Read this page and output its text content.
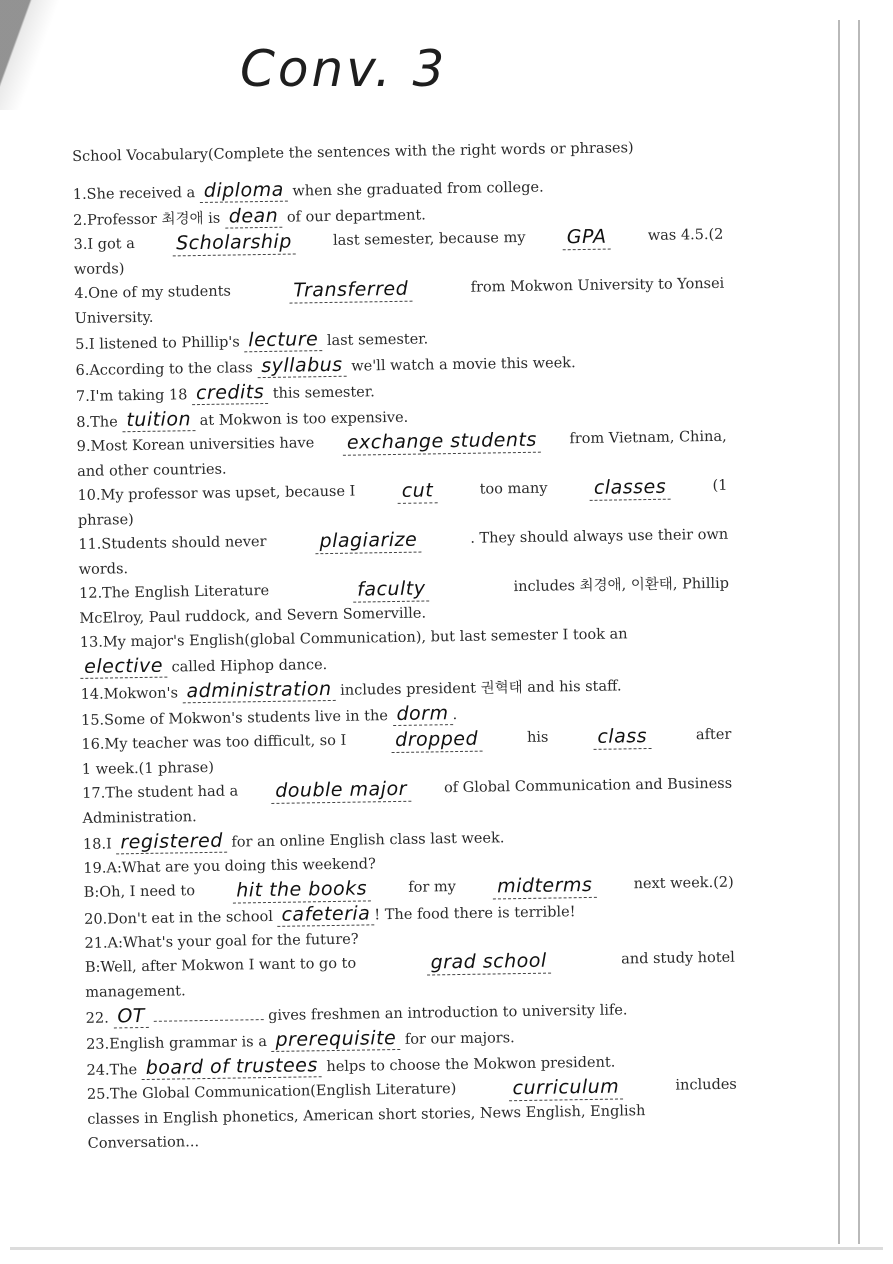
Conv. 3
School Vocabulary(Complete the sentences with the right words or phrases)
1.She received a diploma when she graduated from college.
2.Professor 최경애 is dean of our department.
3.I got a Scholarship	last semester, because my GPA	was 4.5.(2
words)
4.One of my students	Transferred	from Mokwon University to Yonsei
University.
5.I listened to Phillip's lecture last semester.
6.According to the class syllabus we'll watch a movie this week.
7.I'm taking 18 credits this semester.
8.The tuition at Mokwon is too expensive.
9.Most Korean universities have exchange students from Vietnam, China,
and other countries.
10.My professor was upset, because I cut	too many classes	(1
phrase)
11.Students should never	plagiarize	. They should always use their own
words.
12.The English Literature	faculty	includes 최경애, 이환태, Phillip
McElroy, Paul ruddock, and Severn Somerville.
13.My major's English(global Communication), but last semester I took an
elective called Hiphop dance.
14.Mokwon's administration includes president 권혁태 and his staff.
15.Some of Mokwon's students live in the dorm .
16.My teacher was too difficult, so I	dropped	his	class	after
1 week.(1 phrase)
17.The student had a double major	of Global Communication and Business
Administration.
18.I registered for an online English class last week.
19.A:What are you doing this weekend?
B:Oh, I need to hit the books	for my midterms	next week.(2)
20.Don't eat in the school cafeteria ! The food there is terrible!
21.A:What's your goal for the future?
B:Well, after Mokwon I want to go to	grad school	and study hotel
management.
22. OT	gives freshmen an introduction to university life.
23.English grammar is a prerequisite for our majors.
24.The board of trustees helps to choose the Mokwon president.
25.The Global Communication(English Literature)	curriculum	includes
classes in English phonetics, American short stories, News English, English
Conversation...
